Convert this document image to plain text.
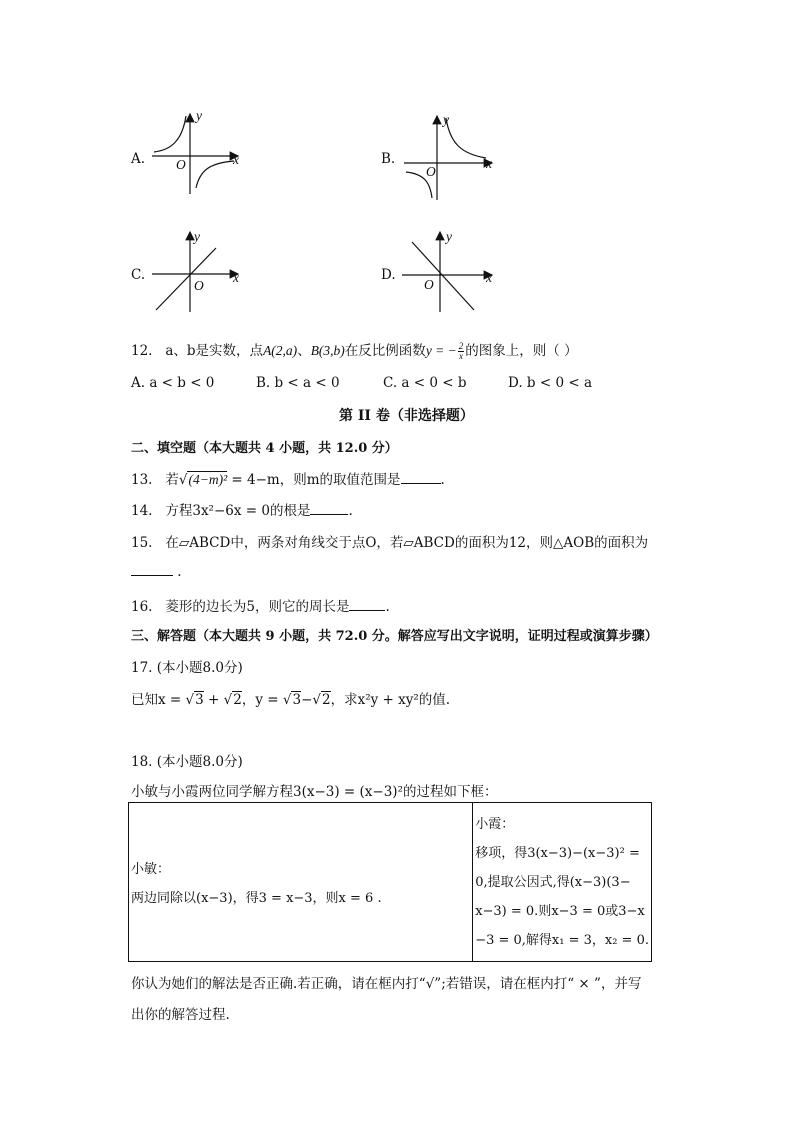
A.
y
x
O	B.
y
x
O
C.
y
x
O
D.
y
x
O
12. a、b是实数，点A(2,a)、B(3,b)在反比例函数y = − $\frac{2}{x}$ 的图象上，则（ ）
A. a < b < 0	B. b < a < 0	C. a < 0 < b	D. b < 0 < a
第 II 卷（非选择题）
二、填空题（本大题共 4 小题，共 12.0 分）
13. 若√(4−m)² = 4−m，则m的取值范围是	.
14. 方程3x²−6x = 0的根是	.
15. 在▱ABCD中，两条对角线交于点O，若▱ABCD的面积为12，则△AOB的面积为
.
16. 菱形的边长为5，则它的周长是	.
三、解答题（本大题共 9 小题，共 72.0 分。解答应写出文字说明，证明过程或演算步骤）
17. (本小题8.0分)
已知x = √3 + √2，y = √3−√2，求x²y + xy²的值.
18. (本小题8.0分)
小敏与小霞两位同学解方程3(x−3) = (x−3)²的过程如下框：
小敏：
两边同除以(x−3)，得3 = x−3，则x = 6 .

小霞：
移项，得3(x−3)−(x−3)² =
0,提取公因式,得(x−3)(3−
x−3) = 0.则x−3 = 0或3−x
−3 = 0,解得x₁ = 3，x₂ = 0.
你认为她们的解法是否正确.若正确，请在框内打“√”;若错误，请在框内打“ × ”，并写
出你的解答过程.
